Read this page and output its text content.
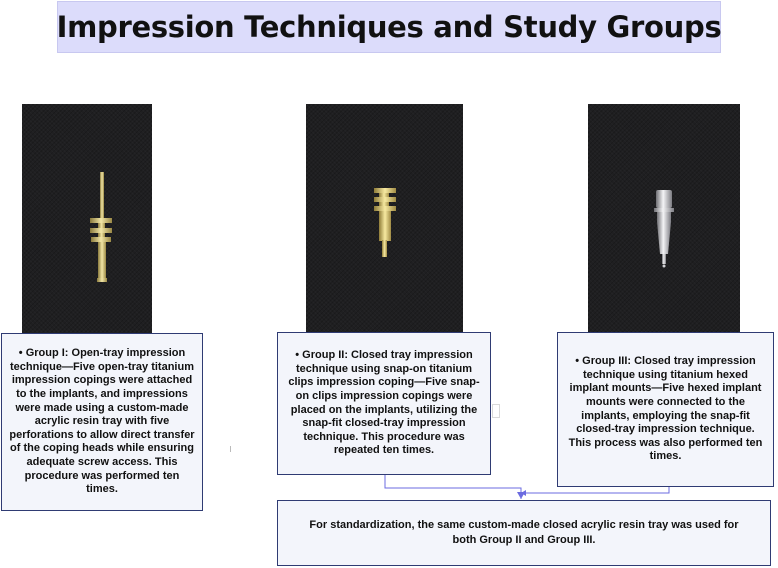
Impression Techniques and Study Groups
• Group I: Open-tray impression technique—Five open-tray titanium impression copings were attached to the implants, and impressions were made using a custom-made acrylic resin tray with five perforations to allow direct transfer of the coping heads while ensuring adequate screw access. This procedure was performed ten times.
• Group II: Closed tray impression technique using snap-on titanium clips impression coping—Five snap-on clips impression copings were placed on the implants, utilizing the snap-fit closed-tray impression technique. This procedure was repeated ten times.
• Group III: Closed tray impression technique using titanium hexed implant mounts—Five hexed implant mounts were connected to the implants, employing the snap-fit closed-tray impression technique. This process was also performed ten times.
For standardization, the same custom-made closed acrylic resin tray was used for both Group II and Group III.
